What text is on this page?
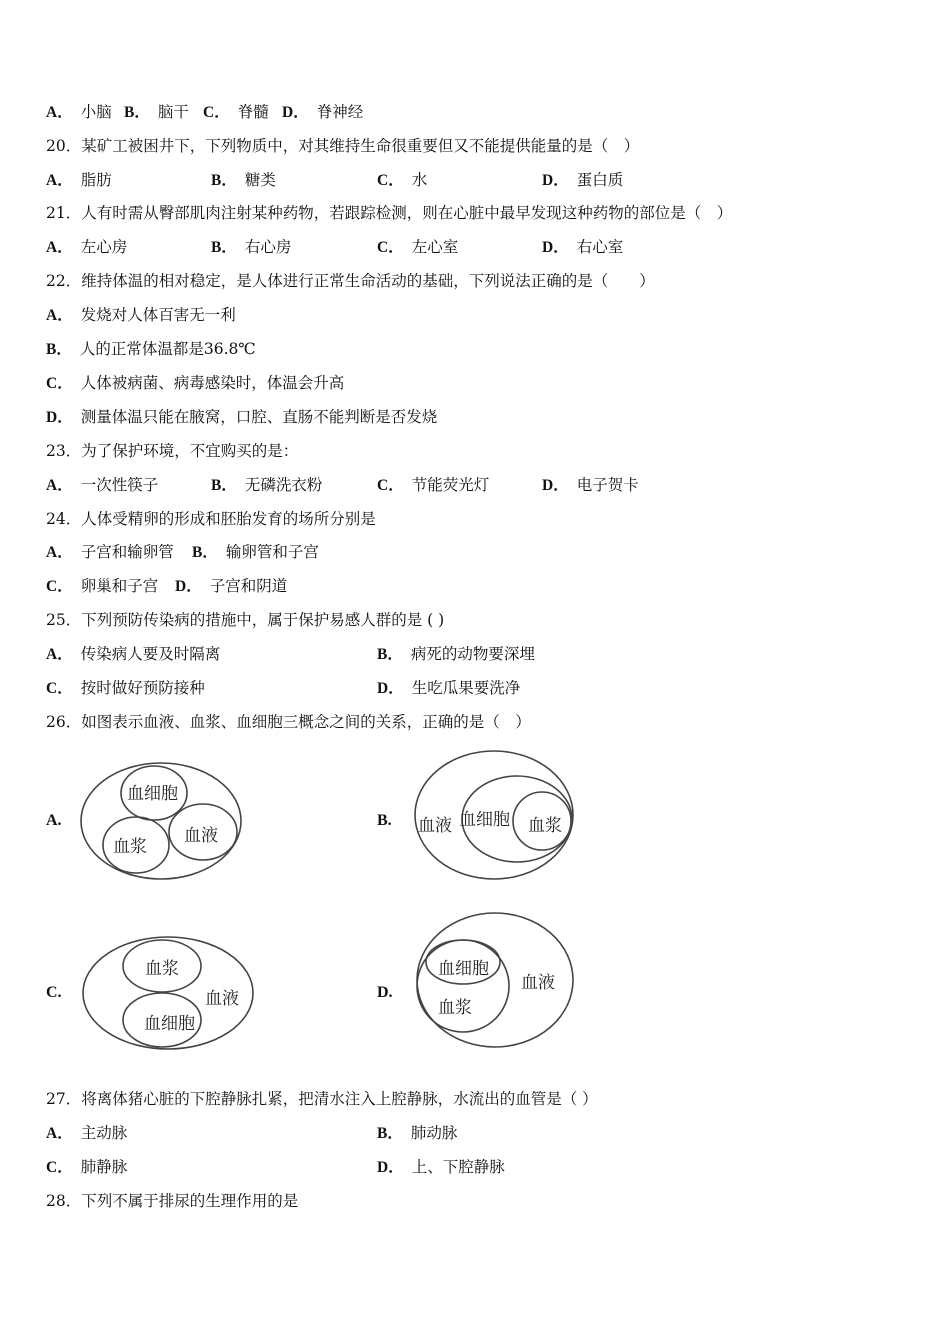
A． 小脑 B． 脑干 C． 脊髓 D． 脊神经
20．某矿工被困井下，下列物质中，对其维持生命很重要但又不能提供能量的是（　）
A． 脂肪	B． 糖类	C． 水	D． 蛋白质
21．人有时需从臀部肌肉注射某种药物，若跟踪检测，则在心脏中最早发现这种药物的部位是（　）
A． 左心房	B． 右心房	C． 左心室	D． 右心室
22．维持体温的相对稳定，是人体进行正常生命活动的基础，下列说法正确的是（　　）
A． 发烧对人体百害无一利
B． 人的正常体温都是36.8℃
C． 人体被病菌、病毒感染时，体温会升高
D． 测量体温只能在腋窝，口腔、直肠不能判断是否发烧
23．为了保护环境，不宜购买的是：
A． 一次性筷子	B． 无磷洗衣粉	C． 节能荧光灯	D． 电子贺卡
24．人体受精卵的形成和胚胎发育的场所分别是
A． 子宫和输卵管 B． 输卵管和子宫
C． 卵巢和子宫 D． 子宫和阴道
25．下列预防传染病的措施中，属于保护易感人群的是 ( )
A． 传染病人要及时隔离	B． 病死的动物要深埋
C． 按时做好预防接种	D． 生吃瓜果要洗净
26．如图表示血液、血浆、血细胞三概念之间的关系，正确的是（　）
A.
血细胞
血浆
血液
B. 血液 血细胞 血浆
C.
血浆
血细胞
血液	D.
血细胞
血浆
血液
27．将离体猪心脏的下腔静脉扎紧，把清水注入上腔静脉，水流出的血管是（ ）
A． 主动脉	B． 肺动脉
C． 肺静脉	D． 上、下腔静脉
28．下列不属于排尿的生理作用的是
